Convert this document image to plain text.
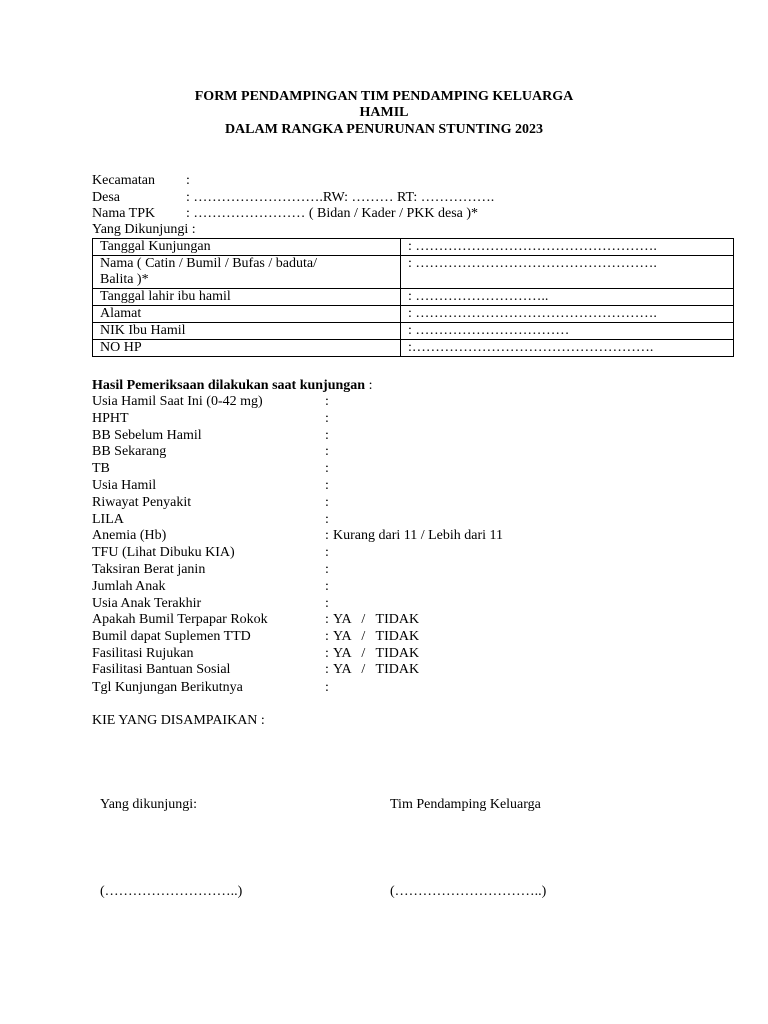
FORM PENDAMPINGAN TIM PENDAMPING KELUARGA
HAMIL
DALAM RANGKA PENURUNAN STUNTING 2023
Kecamatan :
Desa	: ……………………….RW: ……… RT: …………….
Nama TPK : …………………… ( Bidan / Kader / PKK desa )*
Yang Dikunjungi :
Tanggal Kunjungan	: …………………………………………….
Nama ( Catin / Bumil / Bufas / baduta/
Balita )*	: …………………………………………….
Tanggal lahir ibu hamil	: ………………………..
Alamat	: …………………………………………….
NIK Ibu Hamil	: ……………………………
NO HP	:…………………………………………….
Hasil Pemeriksaan dilakukan saat kunjungan :
Usia Hamil Saat Ini (0-42 mg)	:
HPHT	:
BB Sebelum Hamil	:
BB Sekarang	:
TB	:
Usia Hamil	:
Riwayat Penyakit	:
LILA	:
Anemia (Hb)	: Kurang dari 11 / Lebih dari 11
TFU (Lihat Dibuku KIA)	:
Taksiran Berat janin	:
Jumlah Anak	:
Usia Anak Terakhir	:
Apakah Bumil Terpapar Rokok	: YA   /   TIDAK
Bumil dapat Suplemen TTD	: YA   /   TIDAK
Fasilitasi Rujukan	: YA   /   TIDAK
Fasilitasi Bantuan Sosial	: YA   /   TIDAK
Tgl Kunjungan Berikutnya	:
KIE YANG DISAMPAIKAN :
Yang dikunjungi:	Tim Pendamping Keluarga
(………………………..)	(…………………………..)
